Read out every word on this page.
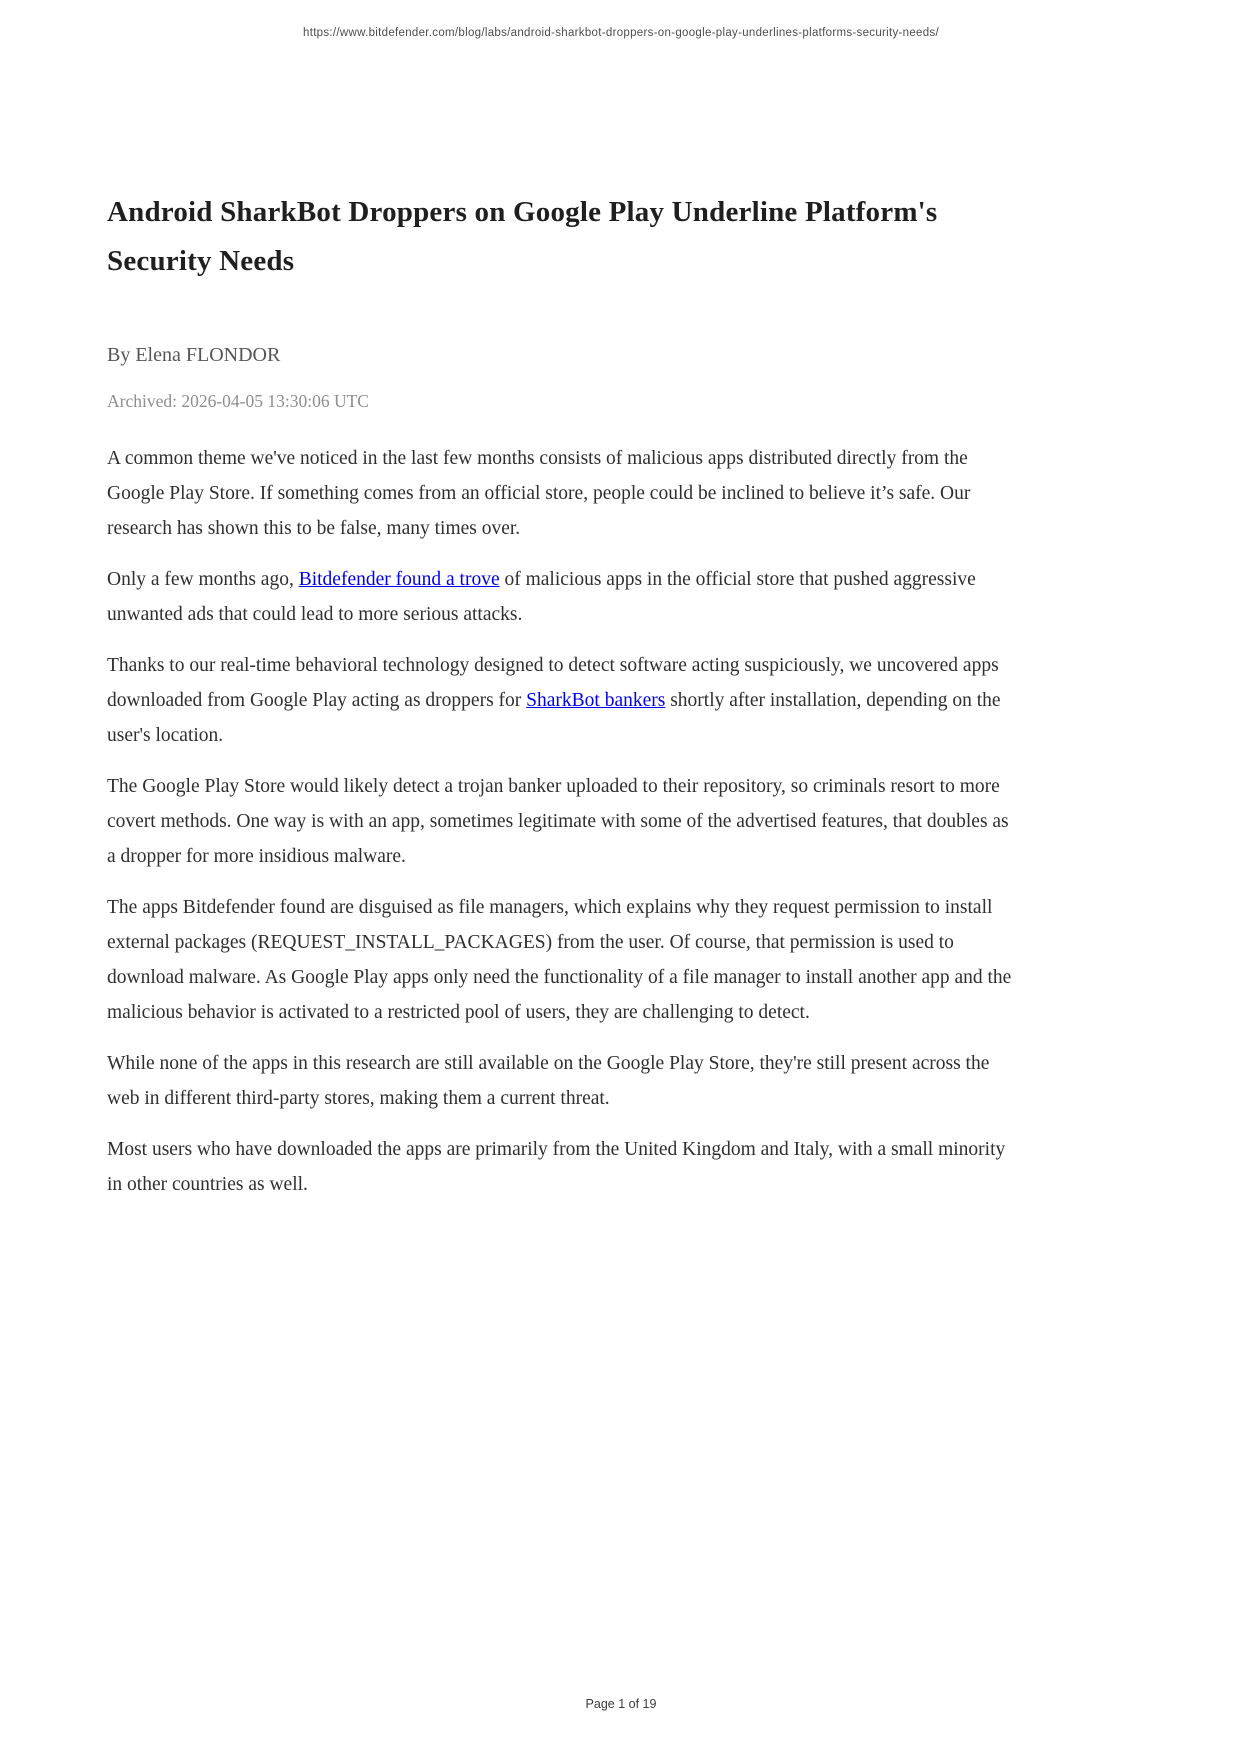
https://www.bitdefender.com/blog/labs/android-sharkbot-droppers-on-google-play-underlines-platforms-security-needs/
Android SharkBot Droppers on Google Play Underline Platform's Security Needs
By Elena FLONDOR
Archived: 2026-04-05 13:30:06 UTC

A common theme we've noticed in the last few months consists of malicious apps distributed directly from the Google Play Store. If something comes from an official store, people could be inclined to believe it’s safe. Our research has shown this to be false, many times over.

Only a few months ago, Bitdefender found a trove of malicious apps in the official store that pushed aggressive unwanted ads that could lead to more serious attacks.

Thanks to our real-time behavioral technology designed to detect software acting suspiciously, we uncovered apps downloaded from Google Play acting as droppers for SharkBot bankers shortly after installation, depending on the user's location.

The Google Play Store would likely detect a trojan banker uploaded to their repository, so criminals resort to more covert methods. One way is with an app, sometimes legitimate with some of the advertised features, that doubles as a dropper for more insidious malware.

The apps Bitdefender found are disguised as file managers, which explains why they request permission to install external packages (REQUEST_INSTALL_PACKAGES) from the user. Of course, that permission is used to download malware. As Google Play apps only need the functionality of a file manager to install another app and the malicious behavior is activated to a restricted pool of users, they are challenging to detect.

While none of the apps in this research are still available on the Google Play Store, they're still present across the web in different third-party stores, making them a current threat.

Most users who have downloaded the apps are primarily from the United Kingdom and Italy, with a small minority in other countries as well.

Page 1 of 19
